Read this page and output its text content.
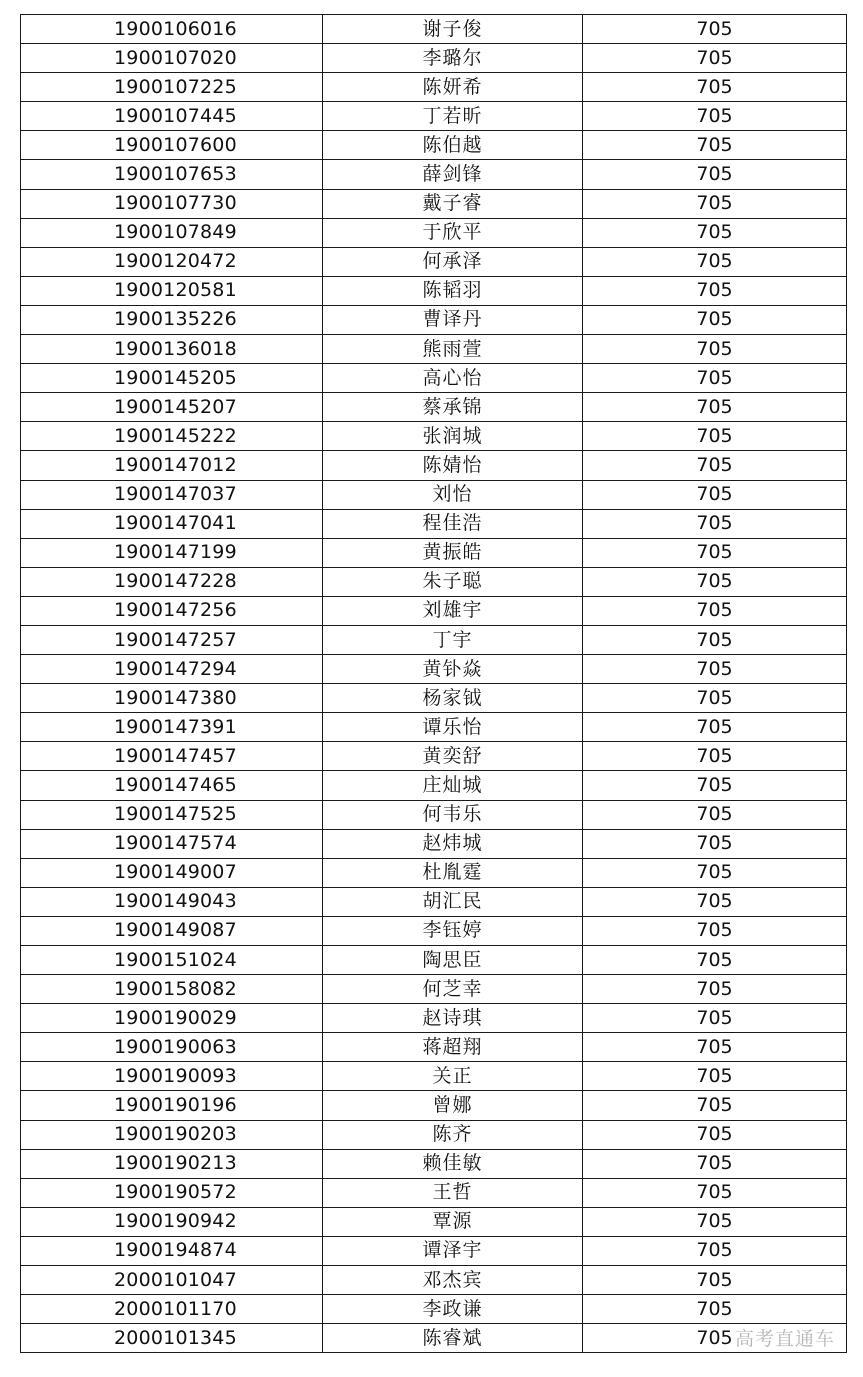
1900106016	谢子俊	705
1900107020	李璐尔	705
1900107225	陈妍希	705
1900107445	丁若昕	705
1900107600	陈伯越	705
1900107653	薛剑锋	705
1900107730	戴子睿	705
1900107849	于欣平	705
1900120472	何承泽	705
1900120581	陈韬羽	705
1900135226	曹译丹	705
1900136018	熊雨萱	705
1900145205	高心怡	705
1900145207	蔡承锦	705
1900145222	张润城	705
1900147012	陈婧怡	705
1900147037	刘怡	705
1900147041	程佳浩	705
1900147199	黄振皓	705
1900147228	朱子聪	705
1900147256	刘雄宇	705
1900147257	丁宇	705
1900147294	黄钋焱	705
1900147380	杨家钺	705
1900147391	谭乐怡	705
1900147457	黄奕舒	705
1900147465	庄灿城	705
1900147525	何韦乐	705
1900147574	赵炜城	705
1900149007	杜胤霆	705
1900149043	胡汇民	705
1900149087	李钰婷	705
1900151024	陶思臣	705
1900158082	何芝幸	705
1900190029	赵诗琪	705
1900190063	蒋超翔	705
1900190093	关正	705
1900190196	曾娜	705
1900190203	陈齐	705
1900190213	赖佳敏	705
1900190572	王哲	705
1900190942	覃源	705
1900194874	谭泽宇	705
2000101047	邓杰宾	705
2000101170	李政谦	705
2000101345	陈睿斌	705 高考直通车
